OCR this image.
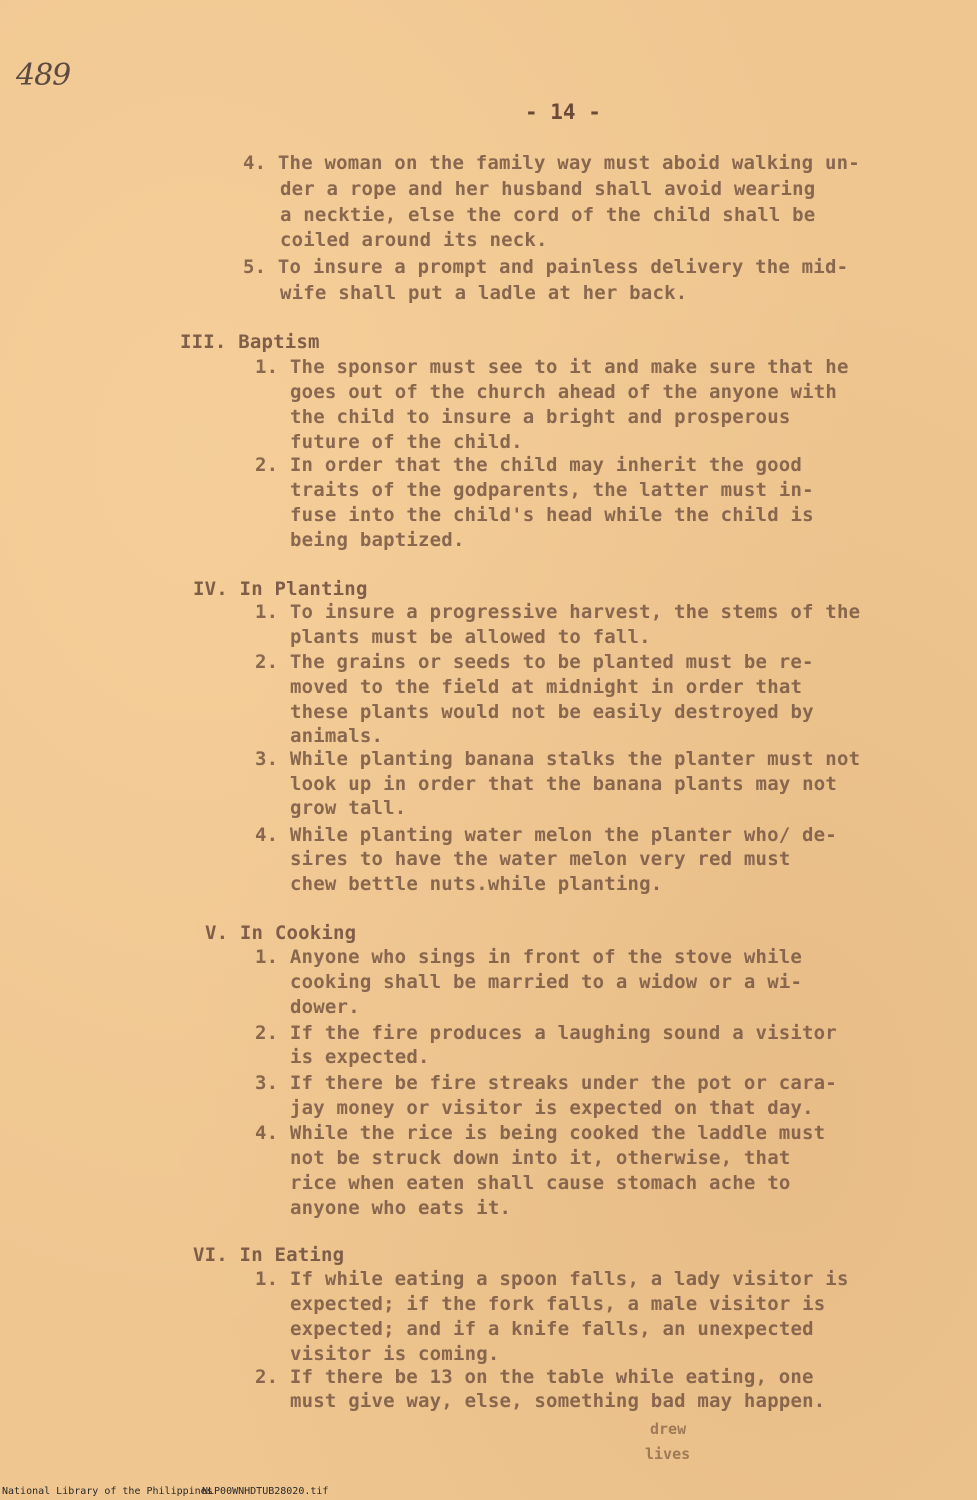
489
- 14 -
4. The woman on the family way must aboid walking un-
der a rope and her husband shall avoid wearing
a necktie, else the cord of the child shall be
coiled around its neck.
5. To insure a prompt and painless delivery the mid-
wife shall put a ladle at her back.
III. Baptism
1. The sponsor must see to it and make sure that he
goes out of the church ahead of the anyone with
the child to insure a bright and prosperous
future of the child.
2. In order that the child may inherit the good
traits of the godparents, the latter must in-
fuse into the child's head while the child is
being baptized.
IV. In Planting
1. To insure a progressive harvest, the stems of the
plants must be allowed to fall.
2. The grains or seeds to be planted must be re-
moved to the field at midnight in order that
these plants would not be easily destroyed by
animals.
3. While planting banana stalks the planter must not
look up in order that the banana plants may not
grow tall.
4. While planting water melon the planter who/ de-
sires to have the water melon very red must
chew bettle nuts.while planting.
V. In Cooking
1. Anyone who sings in front of the stove while
cooking shall be married to a widow or a wi-
dower.
2. If the fire produces a laughing sound a visitor
is expected.
3. If there be fire streaks under the pot or cara-
jay money or visitor is expected on that day.
4. While the rice is being cooked the laddle must
not be struck down into it, otherwise, that
rice when eaten shall cause stomach ache to
anyone who eats it.
VI. In Eating
1. If while eating a spoon falls, a lady visitor is
expected; if the fork falls, a male visitor is
expected; and if a knife falls, an unexpected
visitor is coming.
2. If there be 13 on the table while eating, one
must give way, else, something bad may happen.
drew
lives
National Library of the Philippines
NLP00WNHDTUB28020.tif
